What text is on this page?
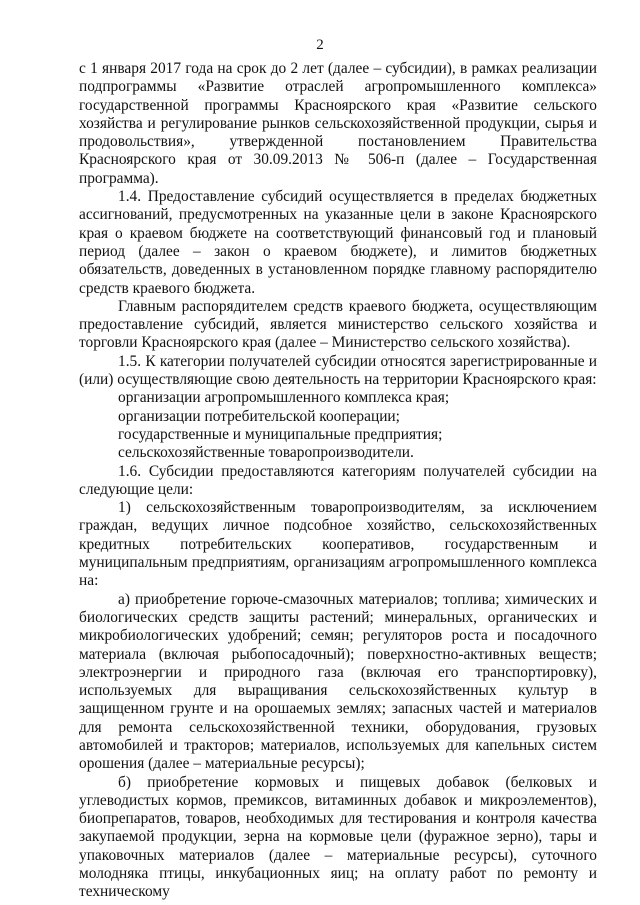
2

с 1 января 2017 года на срок до 2 лет (далее – субсидии), в рамках реализации подпрограммы «Развитие отраслей агропромышленного комплекса» государственной программы Красноярского края «Развитие сельского хозяйства и регулирование рынков сельскохозяйственной продукции, сырья и продовольствия», утвержденной постановлением Правительства Красноярского края от 30.09.2013 № 506-п (далее – Государственная программа).

1.4. Предоставление субсидий осуществляется в пределах бюджетных ассигнований, предусмотренных на указанные цели в законе Красноярского края о краевом бюджете на соответствующий финансовый год и плановый период (далее – закон о краевом бюджете), и лимитов бюджетных обязательств, доведенных в установленном порядке главному распорядителю средств краевого бюджета.

Главным распорядителем средств краевого бюджета, осуществляющим предоставление субсидий, является министерство сельского хозяйства и торговли Красноярского края (далее – Министерство сельского хозяйства).

1.5. К категории получателей субсидии относятся зарегистрированные и (или) осуществляющие свою деятельность на территории Красноярского края:

организации агропромышленного комплекса края;

организации потребительской кооперации;

государственные и муниципальные предприятия;

сельскохозяйственные товаропроизводители.

1.6. Субсидии предоставляются категориям получателей субсидии на следующие цели:

1) сельскохозяйственным товаропроизводителям, за исключением граждан, ведущих личное подсобное хозяйство, сельскохозяйственных кредитных потребительских кооперативов, государственным и муниципальным предприятиям, организациям агропромышленного комплекса на:

а) приобретение горюче-смазочных материалов; топлива; химических и биологических средств защиты растений; минеральных, органических и микробиологических удобрений; семян; регуляторов роста и посадочного материала (включая рыбопосадочный); поверхностно-активных веществ; электроэнергии и природного газа (включая его транспортировку), используемых для выращивания сельскохозяйственных культур в защищенном грунте и на орошаемых землях; запасных частей и материалов для ремонта сельскохозяйственной техники, оборудования, грузовых автомобилей и тракторов; материалов, используемых для капельных систем орошения (далее – материальные ресурсы);

б) приобретение кормовых и пищевых добавок (белковых и углеводистых кормов, премиксов, витаминных добавок и микроэлементов), биопрепаратов, товаров, необходимых для тестирования и контроля качества закупаемой продукции, зерна на кормовые цели (фуражное зерно), тары и упаковочных материалов (далее – материальные ресурсы), суточного молодняка птицы, инкубационных яиц; на оплату работ по ремонту и техническому
